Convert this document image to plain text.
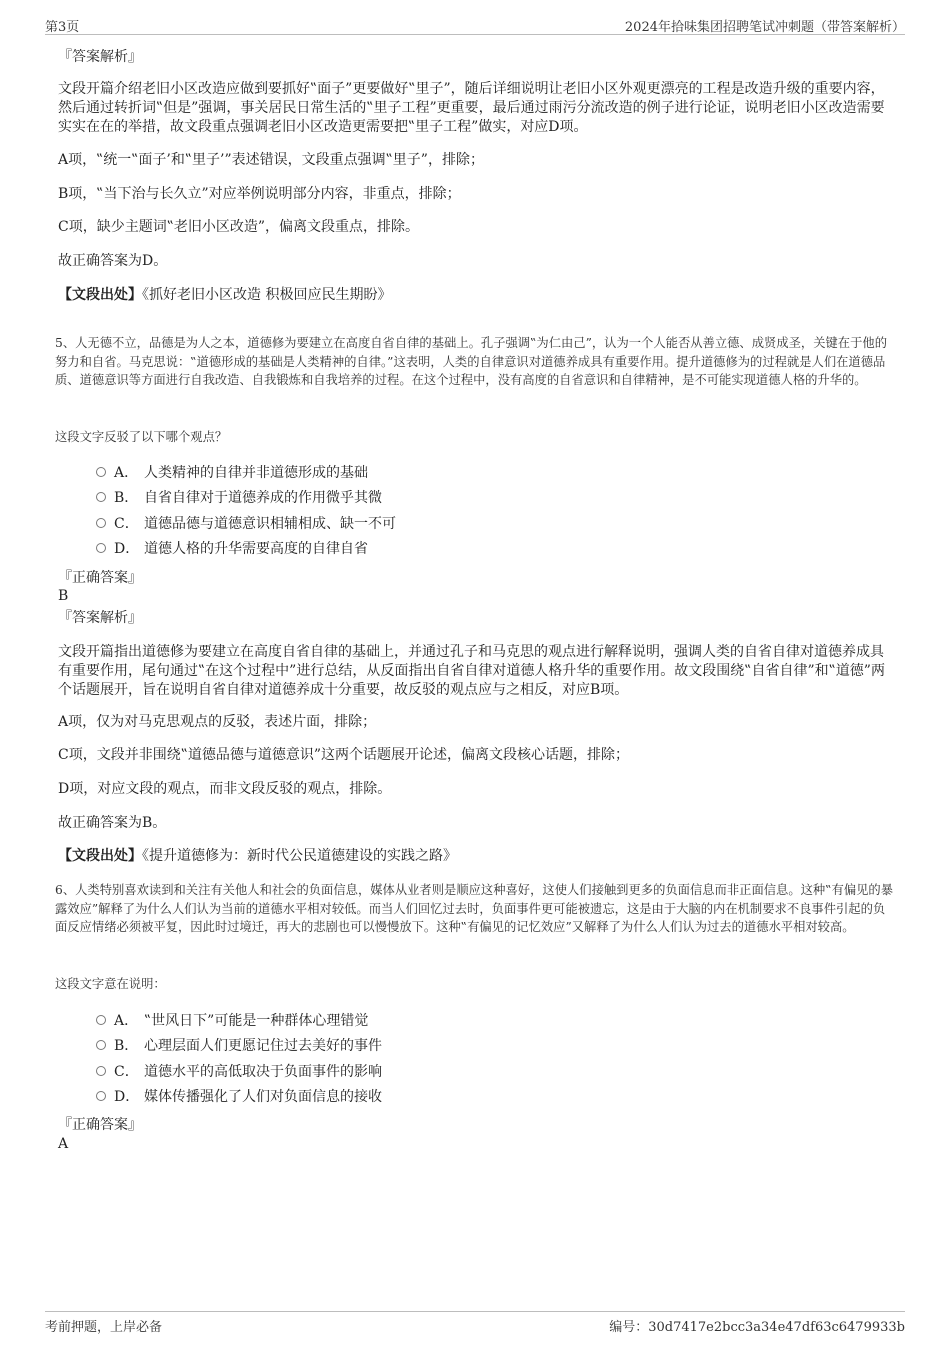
第3页	2024年拾味集团招聘笔试冲刺题（带答案解析）
『答案解析』
文段开篇介绍老旧小区改造应做到要抓好‟面子”更要做好‟里子”，随后详细说明让老旧小区外观更漂亮的工程是改造升级的重要内容，然后通过转折词‟但是”强调，事关居民日常生活的‟里子工程”更重要，最后通过雨污分流改造的例子进行论证，说明老旧小区改造需要实实在在的举措，故文段重点强调老旧小区改造更需要把‟里子工程”做实，对应D项。
A项，‟统一‟面子’和‟里子’”表述错误，文段重点强调‟里子”，排除；
B项，‟当下治与长久立”对应举例说明部分内容，非重点，排除；
C项，缺少主题词‟老旧小区改造”，偏离文段重点，排除。
故正确答案为D。
【文段出处】《抓好老旧小区改造 积极回应民生期盼》
5、人无德不立，品德是为人之本，道德修为要建立在高度自省自律的基础上。孔子强调‟为仁由己”，认为一个人能否从善立德、成贤成圣，关键在于他的努力和自省。马克思说：‟道德形成的基础是人类精神的自律。”这表明，人类的自律意识对道德养成具有重要作用。提升道德修为的过程就是人们在道德品质、道德意识等方面进行自我改造、自我锻炼和自我培养的过程。在这个过程中，没有高度的自省意识和自律精神，是不可能实现道德人格的升华的。
这段文字反驳了以下哪个观点？
A． 人类精神的自律并非道德形成的基础
B． 自省自律对于道德养成的作用微乎其微
C． 道德品德与道德意识相辅相成、缺一不可
D． 道德人格的升华需要高度的自律自省
『正确答案』
B
『答案解析』
文段开篇指出道德修为要建立在高度自省自律的基础上，并通过孔子和马克思的观点进行解释说明，强调人类的自省自律对道德养成具有重要作用，尾句通过‟在这个过程中”进行总结，从反面指出自省自律对道德人格升华的重要作用。故文段围绕‟自省自律”和‟道德”两个话题展开，旨在说明自省自律对道德养成十分重要，故反驳的观点应与之相反，对应B项。
A项，仅为对马克思观点的反驳，表述片面，排除；
C项，文段并非围绕‟道德品德与道德意识”这两个话题展开论述，偏离文段核心话题，排除；
D项，对应文段的观点，而非文段反驳的观点，排除。
故正确答案为B。
【文段出处】《提升道德修为：新时代公民道德建设的实践之路》
6、人类特别喜欢读到和关注有关他人和社会的负面信息，媒体从业者则是顺应这种喜好，这使人们接触到更多的负面信息而非正面信息。这种‟有偏见的暴露效应”解释了为什么人们认为当前的道德水平相对较低。而当人们回忆过去时，负面事件更可能被遗忘，这是由于大脑的内在机制要求不良事件引起的负面反应情绪必须被平复，因此时过境迁，再大的悲剧也可以慢慢放下。这种‟有偏见的记忆效应”又解释了为什么人们认为过去的道德水平相对较高。
这段文字意在说明：
A． ‟世风日下”可能是一种群体心理错觉
B． 心理层面人们更愿记住过去美好的事件
C． 道德水平的高低取决于负面事件的影响
D． 媒体传播强化了人们对负面信息的接收
『正确答案』
A
考前押题，上岸必备	编号：30d7417e2bcc3a34e47df63c6479933b
